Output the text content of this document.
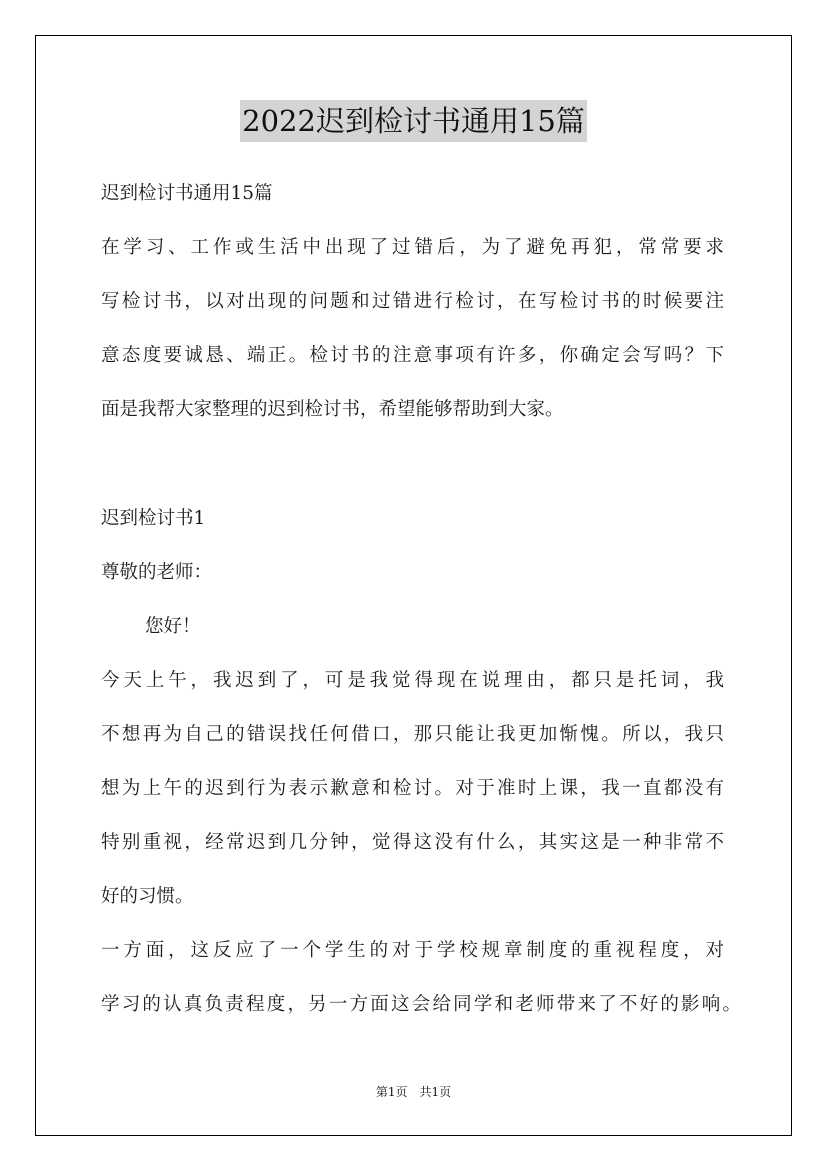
2022迟到检讨书通用15篇
迟到检讨书通用15篇
在学习、工作或生活中出现了过错后，为了避免再犯，常常要求
写检讨书，以对出现的问题和过错进行检讨，在写检讨书的时候要注
意态度要诚恳、端正。检讨书的注意事项有许多，你确定会写吗？下
面是我帮大家整理的迟到检讨书，希望能够帮助到大家。
迟到检讨书1
尊敬的老师：
您好！
今天上午，我迟到了，可是我觉得现在说理由，都只是托词，我
不想再为自己的错误找任何借口，那只能让我更加惭愧。所以，我只
想为上午的迟到行为表示歉意和检讨。对于准时上课，我一直都没有
特别重视，经常迟到几分钟，觉得这没有什么，其实这是一种非常不
好的习惯。
一方面，这反应了一个学生的对于学校规章制度的重视程度，对
学习的认真负责程度，另一方面这会给同学和老师带来了不好的影响。
第1页　共1页
